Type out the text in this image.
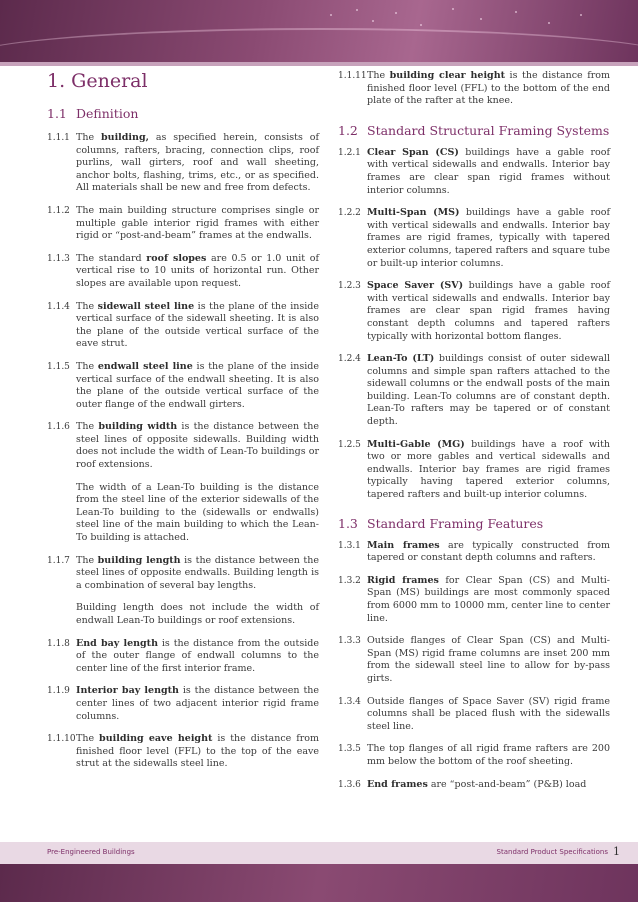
1. General
1.1 Definition
1.1.1 The building, as specified herein, consists of columns, rafters, bracing, connection clips, roof purlins, wall girters, roof and wall sheeting, anchor bolts, flashing, trims, etc., or as specified. All materials shall be new and free from defects.
1.1.2 The main building structure comprises single or multiple gable interior rigid frames with either rigid or “post-and-beam” frames at the endwalls.
1.1.3 The standard roof slopes are 0.5 or 1.0 unit of vertical rise to 10 units of horizontal run. Other slopes are available upon request.
1.1.4 The sidewall steel line is the plane of the inside vertical surface of the sidewall sheeting. It is also the plane of the outside vertical surface of the eave strut.
1.1.5 The endwall steel line is the plane of the inside vertical surface of the endwall sheeting. It is also the plane of the outside vertical surface of the outer flange of the endwall girters.
1.1.6 The building width is the distance between the steel lines of opposite sidewalls. Building width does not include the width of Lean-To buildings or roof extensions.
The width of a Lean-To building is the distance from the steel line of the exterior sidewalls of the Lean-To building to the (sidewalls or endwalls) steel line of the main building to which the Lean-To building is attached.
1.1.7 The building length is the distance between the steel lines of opposite endwalls. Building length is a combination of several bay lengths.
Building length does not include the width of endwall Lean-To buildings or roof extensions.
1.1.8 End bay length is the distance from the outside of the outer flange of endwall columns to the center line of the first interior frame.
1.1.9 Interior bay length is the distance between the center lines of two adjacent interior rigid frame columns.
1.1.10 The building eave height is the distance from finished floor level (FFL) to the top of the eave strut at the sidewalls steel line.
1.1.11 The building clear height is the distance from finished floor level (FFL) to the bottom of the end plate of the rafter at the knee.
1.2 Standard Structural Framing Systems
1.2.1 Clear Span (CS) buildings have a gable roof with vertical sidewalls and endwalls. Interior bay frames are clear span rigid frames without interior columns.
1.2.2 Multi-Span (MS) buildings have a gable roof with vertical sidewalls and endwalls. Interior bay frames are rigid frames, typically with tapered exterior columns, tapered rafters and square tube or built-up interior columns.
1.2.3 Space Saver (SV) buildings have a gable roof with vertical sidewalls and endwalls. Interior bay frames are clear span rigid frames having constant depth columns and tapered rafters typically with horizontal bottom flanges.
1.2.4 Lean-To (LT) buildings consist of outer sidewall columns and simple span rafters attached to the sidewall columns or the endwall posts of the main building. Lean-To columns are of constant depth. Lean-To rafters may be tapered or of constant depth.
1.2.5 Multi-Gable (MG) buildings have a roof with two or more gables and vertical sidewalls and endwalls. Interior bay frames are rigid frames typically having tapered exterior columns, tapered rafters and built-up interior columns.
1.3 Standard Framing Features
1.3.1 Main frames are typically constructed from tapered or constant depth columns and rafters.
1.3.2 Rigid frames for Clear Span (CS) and Multi-Span (MS) buildings are most commonly spaced from 6000 mm to 10000 mm, center line to center line.
1.3.3 Outside flanges of Clear Span (CS) and Multi-Span (MS) rigid frame columns are inset 200 mm from the sidewall steel line to allow for by-pass girts.
1.3.4 Outside flanges of Space Saver (SV) rigid frame columns shall be placed flush with the sidewalls steel line.
1.3.5 The top flanges of all rigid frame rafters are 200 mm below the bottom of the roof sheeting.
1.3.6 End frames are “post-and-beam” (P&B) load
Pre-Engineered Buildings	Standard Product Specifications 1
